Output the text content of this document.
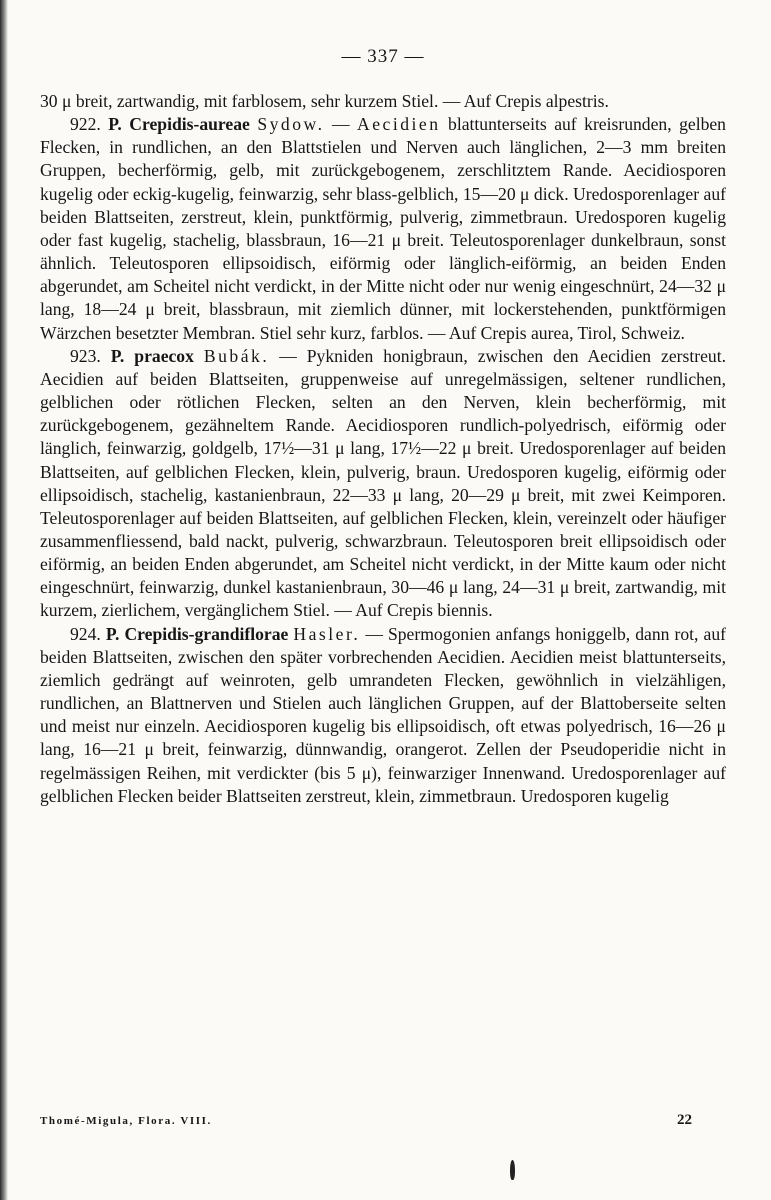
— 337 —

30 μ breit, zartwandig, mit farblosem, sehr kurzem Stiel. — Auf Crepis alpestris.

922. P. Crepidis-aureae Sydow. — Aecidien blattunterseits auf kreisrunden, gelben Flecken, in rundlichen, an den Blattstielen und Nerven auch länglichen, 2—3 mm breiten Gruppen, becherförmig, gelb, mit zurückgebogenem, zerschlitztem Rande. Aecidiosporen kugelig oder eckig-kugelig, feinwarzig, sehr blass-gelblich, 15—20 μ dick. Uredosporenlager auf beiden Blattseiten, zerstreut, klein, punktförmig, pulverig, zimmetbraun. Uredosporen kugelig oder fast kugelig, stachelig, blassbraun, 16—21 μ breit. Teleutosporenlager dunkelbraun, sonst ähnlich. Teleutosporen ellipsoidisch, eiförmig oder länglich-eiförmig, an beiden Enden abgerundet, am Scheitel nicht verdickt, in der Mitte nicht oder nur wenig eingeschnürt, 24—32 μ lang, 18—24 μ breit, blassbraun, mit ziemlich dünner, mit lockerstehenden, punktförmigen Wärzchen besetzter Membran. Stiel sehr kurz, farblos. — Auf Crepis aurea, Tirol, Schweiz.

923. P. praecox Bubák. — Pykniden honigbraun, zwischen den Aecidien zerstreut. Aecidien auf beiden Blattseiten, gruppenweise auf unregelmässigen, seltener rundlichen, gelblichen oder rötlichen Flecken, selten an den Nerven, klein becherförmig, mit zurückgebogenem, gezähneltem Rande. Aecidiosporen rundlich-polyedrisch, eiförmig oder länglich, feinwarzig, goldgelb, 17½—31 μ lang, 17½—22 μ breit. Uredosporenlager auf beiden Blattseiten, auf gelblichen Flecken, klein, pulverig, braun. Uredosporen kugelig, eiförmig oder ellipsoidisch, stachelig, kastanienbraun, 22—33 μ lang, 20—29 μ breit, mit zwei Keimporen. Teleutosporenlager auf beiden Blattseiten, auf gelblichen Flecken, klein, vereinzelt oder häufiger zusammenfliessend, bald nackt, pulverig, schwarzbraun. Teleutosporen breit ellipsoidisch oder eiförmig, an beiden Enden abgerundet, am Scheitel nicht verdickt, in der Mitte kaum oder nicht eingeschnürt, feinwarzig, dunkel kastanienbraun, 30—46 μ lang, 24—31 μ breit, zartwandig, mit kurzem, zierlichem, vergänglichem Stiel. — Auf Crepis biennis.

924. P. Crepidis-grandiflorae Hasler. — Spermogonien anfangs honiggelb, dann rot, auf beiden Blattseiten, zwischen den später vorbrechenden Aecidien. Aecidien meist blattunterseits, ziemlich gedrängt auf weinroten, gelb umrandeten Flecken, gewöhnlich in vielzähligen, rundlichen, an Blattnerven und Stielen auch länglichen Gruppen, auf der Blattoberseite selten und meist nur einzeln. Aecidiosporen kugelig bis ellipsoidisch, oft etwas polyedrisch, 16—26 μ lang, 16—21 μ breit, feinwarzig, dünnwandig, orangerot. Zellen der Pseudoperidie nicht in regelmässigen Reihen, mit verdickter (bis 5 μ), feinwarziger Innenwand. Uredosporenlager auf gelblichen Flecken beider Blattseiten zerstreut, klein, zimmetbraun. Uredosporen kugelig

Thomé-Migula, Flora. VIII.	22
